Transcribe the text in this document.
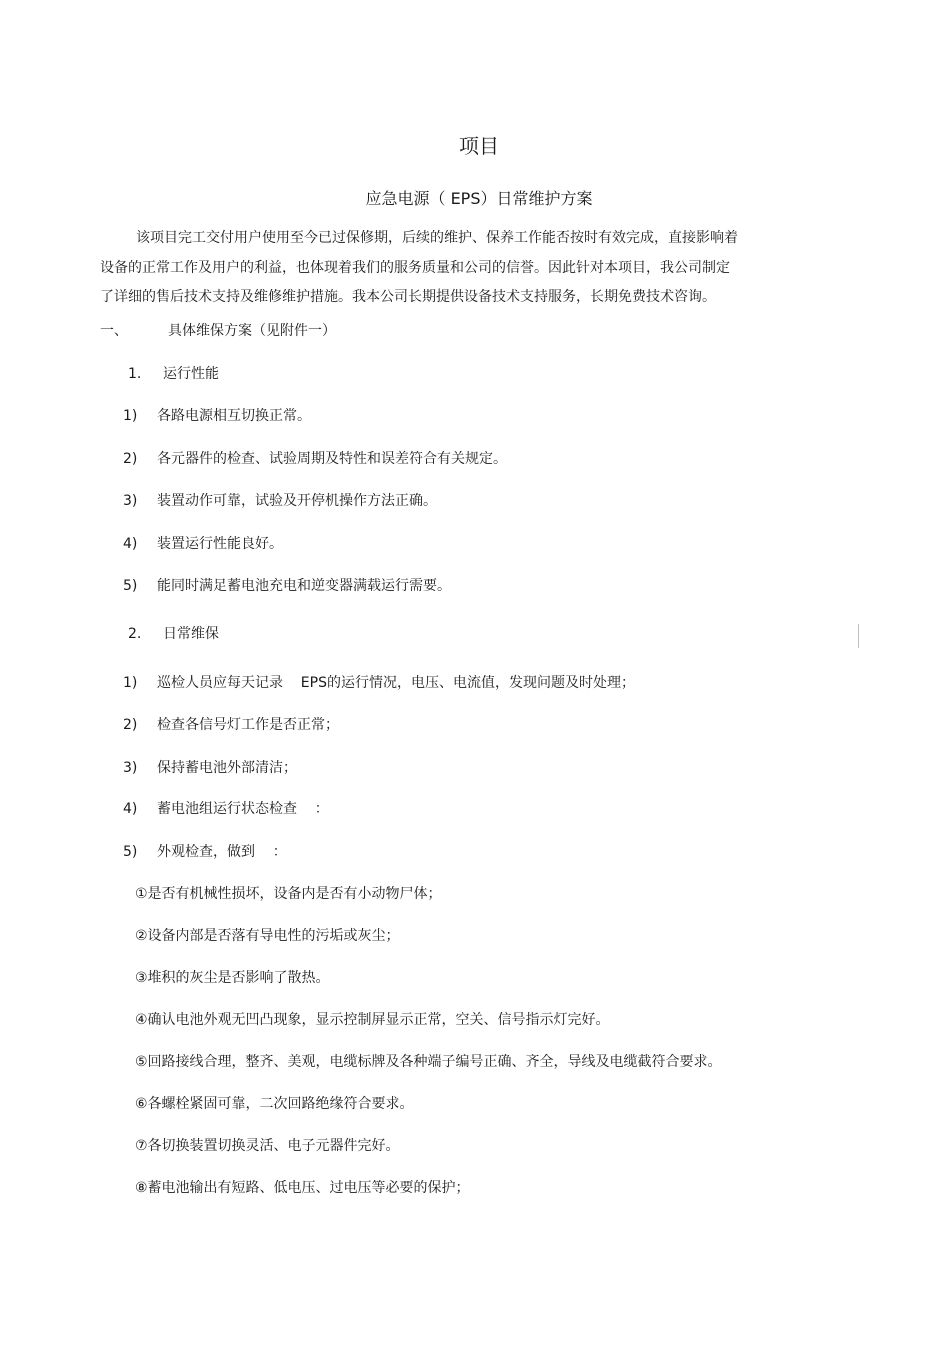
项目
应急电源（ EPS）日常维护方案
该项目完工交付用户使用至今已过保修期，后续的维护、保养工作能否按时有效完成，直接影响着
设备的正常工作及用户的利益，也体现着我们的服务质量和公司的信誉。因此针对本项目，我公司制定
了详细的售后技术支持及维修维护措施。我本公司长期提供设备技术支持服务，长期免费技术咨询。
一、	具体维保方案（见附件一）
1. 运行性能
1) 各路电源相互切换正常。
2) 各元器件的检查、试验周期及特性和误差符合有关规定。
3) 装置动作可靠，试验及开停机操作方法正确。
4) 装置运行性能良好。
5) 能同时满足蓄电池充电和逆变器满载运行需要。
2. 日常维保
1) 巡检人员应每天记录    EPS的运行情况，电压、电流值，发现问题及时处理；
2) 检查各信号灯工作是否正常；
3) 保持蓄电池外部清洁；
4) 蓄电池组运行状态检查    ：
5) 外观检查，做到    ：
①是否有机械性损坏，设备内是否有小动物尸体；
②设备内部是否落有导电性的污垢或灰尘；
③堆积的灰尘是否影响了散热。
④确认电池外观无凹凸现象，显示控制屏显示正常，空关、信号指示灯完好。
⑤回路接线合理，整齐、美观，电缆标牌及各种端子编号正确、齐全，导线及电缆截符合要求。
⑥各螺栓紧固可靠，二次回路绝缘符合要求。
⑦各切换装置切换灵活、电子元器件完好。
⑧蓄电池输出有短路、低电压、过电压等必要的保护；
